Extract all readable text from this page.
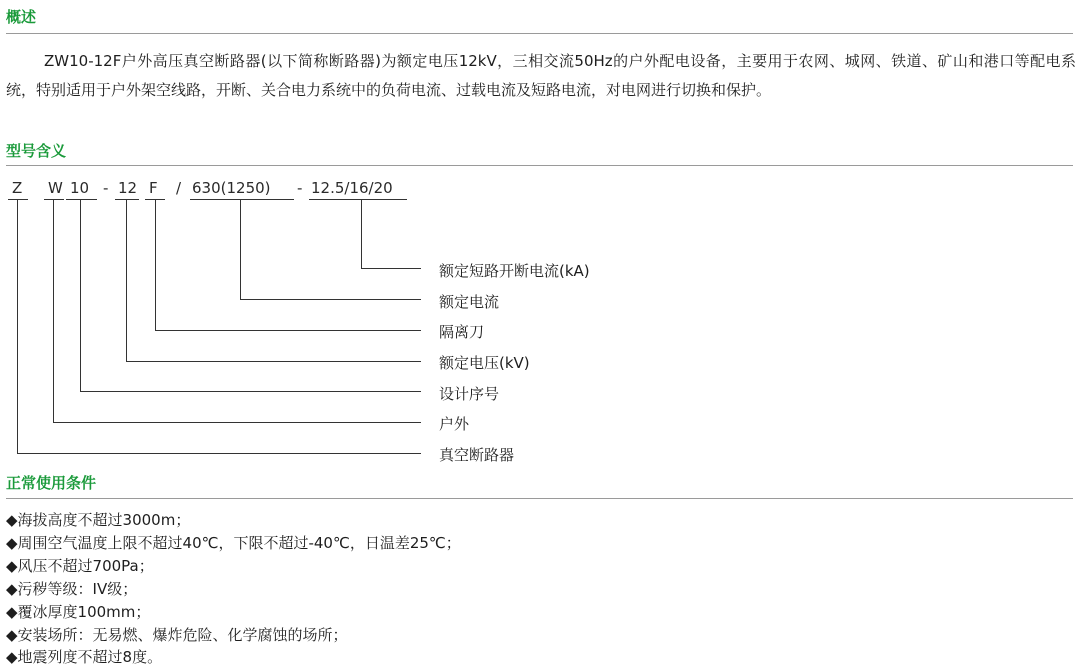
概述
ZW10-12F户外高压真空断路器(以下简称断路器)为额定电压12kV，三相交流50Hz的户外配电设备，主要用于农网、城网、铁道、矿山和港口等配电系统，特别适用于户外架空线路，开断、关合电力系统中的负荷电流、过载电流及短路电流，对电网进行切换和保护。
型号含义
Z W 10 - 12 F / 630(1250) - 12.5/16/20
额定短路开断电流(kA)
额定电流
隔离刀
额定电压(kV)
设计序号
户外
真空断路器
正常使用条件
◆海拔高度不超过3000m；
◆周围空气温度上限不超过40℃，下限不超过-40℃，日温差25℃；
◆风压不超过700Pa；
◆污秽等级：IV级；
◆覆冰厚度100mm；
◆安装场所：无易燃、爆炸危险、化学腐蚀的场所；
◆地震列度不超过8度。
